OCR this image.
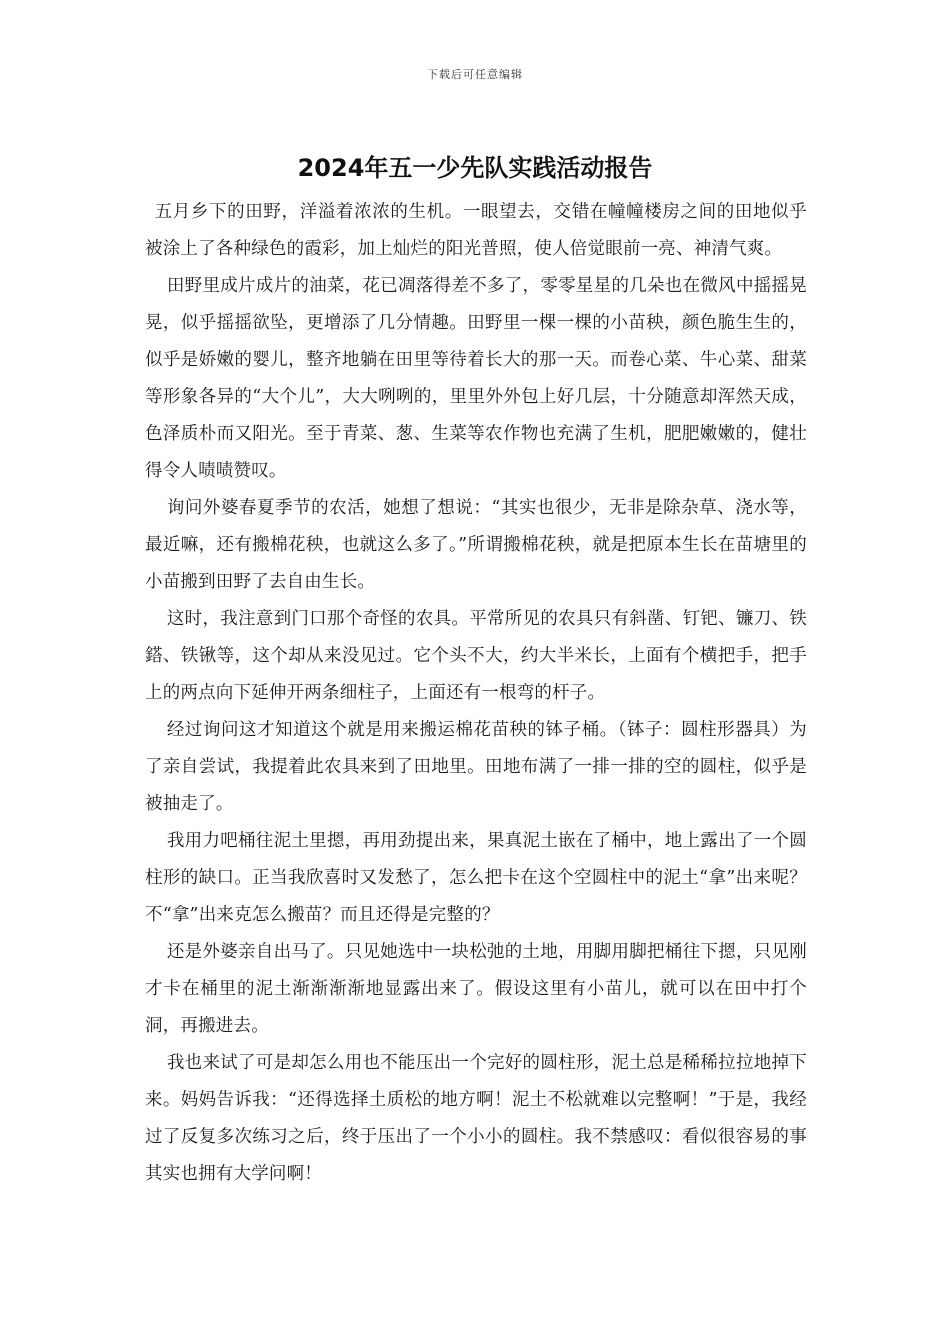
下载后可任意编辑
2024年五一少先队实践活动报告

五月乡下的田野，洋溢着浓浓的生机。一眼望去，交错在幢幢楼房之间的田地似乎被涂上了各种绿色的霞彩，加上灿烂的阳光普照，使人倍觉眼前一亮、神清气爽。

田野里成片成片的油菜，花已凋落得差不多了，零零星星的几朵也在微风中摇摇晃晃，似乎摇摇欲坠，更增添了几分情趣。田野里一棵一棵的小苗秧，颜色脆生生的，似乎是娇嫩的婴儿，整齐地躺在田里等待着长大的那一天。而卷心菜、牛心菜、甜菜等形象各异的“大个儿”，大大咧咧的，里里外外包上好几层，十分随意却浑然天成，色泽质朴而又阳光。至于青菜、葱、生菜等农作物也充满了生机，肥肥嫩嫩的，健壮得令人啧啧赞叹。

询问外婆春夏季节的农活，她想了想说：“其实也很少，无非是除杂草、浇水等，最近嘛，还有搬棉花秧，也就这么多了。”所谓搬棉花秧，就是把原本生长在苗塘里的小苗搬到田野了去自由生长。

这时，我注意到门口那个奇怪的农具。平常所见的农具只有斜凿、钉钯、镰刀、铁鎝、铁锹等，这个却从来没见过。它个头不大，约大半米长，上面有个横把手，把手上的两点向下延伸开两条细柱子，上面还有一根弯的杆子。

经过询问这才知道这个就是用来搬运棉花苗秧的钵子桶。（钵子：圆柱形器具）为了亲自尝试，我提着此农具来到了田地里。田地布满了一排一排的空的圆柱，似乎是被抽走了。

我用力吧桶往泥土里摁，再用劲提出来，果真泥土嵌在了桶中，地上露出了一个圆柱形的缺口。正当我欣喜时又发愁了，怎么把卡在这个空圆柱中的泥土“拿”出来呢？不“拿”出来克怎么搬苗？而且还得是完整的？

还是外婆亲自出马了。只见她选中一块松弛的土地，用脚用脚把桶往下摁，只见刚才卡在桶里的泥土渐渐渐渐地显露出来了。假设这里有小苗儿，就可以在田中打个洞，再搬进去。

我也来试了可是却怎么用也不能压出一个完好的圆柱形，泥土总是稀稀拉拉地掉下来。妈妈告诉我：“还得选择土质松的地方啊！泥土不松就难以完整啊！”于是，我经过了反复多次练习之后，终于压出了一个小小的圆柱。我不禁感叹：看似很容易的事其实也拥有大学问啊！
